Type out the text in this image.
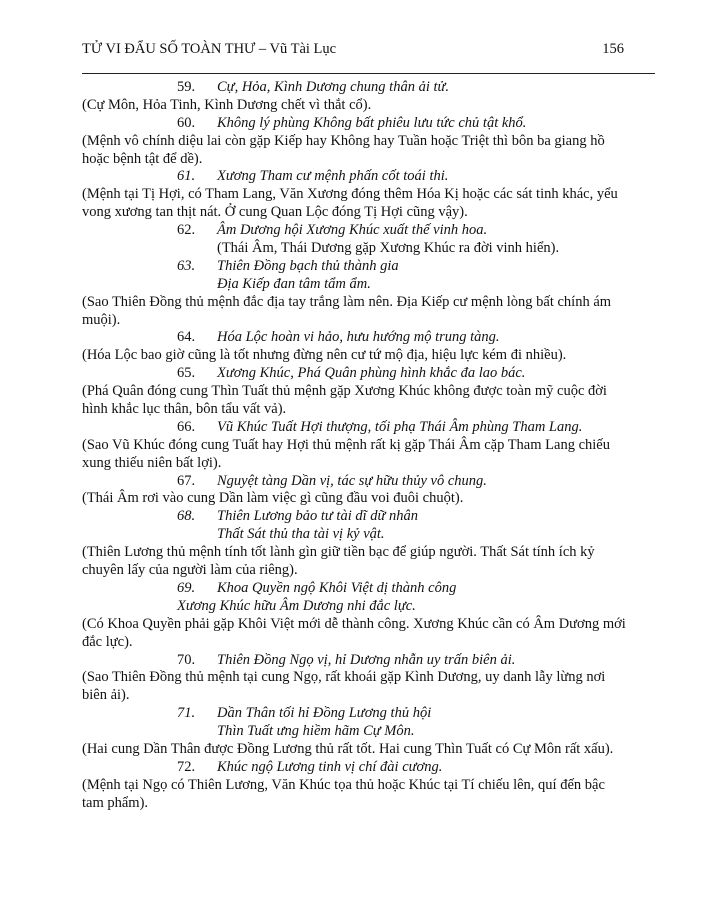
TỬ VI ĐẨU SỐ TOÀN THƯ – Vũ Tài Lục	156
59. Cự, Hỏa, Kình Dương chung thân ải tử.
(Cự Môn, Hỏa Tinh, Kình Dương chết vì thắt cổ).
60. Không lý phùng Không bất phiêu lưu tức chủ tật khổ.
(Mệnh vô chính diệu lai còn gặp Kiếp hay Không hay Tuần hoặc Triệt thì bôn ba giang hồ
hoặc bệnh tật để dề).
61. Xương Tham cư mệnh phấn cốt toái thi.
(Mệnh tại Tị Hợi, có Tham Lang, Văn Xương đóng thêm Hóa Kị hoặc các sát tinh khác, yểu
vong xương tan thịt nát. Ở cung Quan Lộc đóng Tị Hợi cũng vậy).
62. Âm Dương hội Xương Khúc xuất thế vinh hoa.
(Thái Âm, Thái Dương gặp Xương Khúc ra đời vinh hiển).
63. Thiên Đồng bạch thủ thành gia
Địa Kiếp đan tâm tẩm ẩm.
(Sao Thiên Đồng thủ mệnh đắc địa tay trắng làm nên. Địa Kiếp cư mệnh lòng bất chính ám
muội).
64. Hóa Lộc hoàn vi hảo, hưu hướng mộ trung tàng.
(Hóa Lộc bao giờ cũng là tốt nhưng đừng nên cư tứ mộ địa, hiệu lực kém đi nhiều).
65. Xương Khúc, Phá Quân phùng hình khắc đa lao bác.
(Phá Quân đóng cung Thìn Tuất thủ mệnh gặp Xương Khúc không được toàn mỹ cuộc đời
hình khắc lục thân, bôn tẩu vất vả).
66. Vũ Khúc Tuất Hợi thượng, tối phạ Thái Âm phùng Tham Lang.
(Sao Vũ Khúc đóng cung Tuất hay Hợi thủ mệnh rất kị gặp Thái Âm cặp Tham Lang chiếu
xung thiếu niên bất lợi).
67. Nguyệt tàng Dần vị, tác sự hữu thủy vô chung.
(Thái Âm rơi vào cung Dần làm việc gì cũng đầu voi đuôi chuột).
68. Thiên Lương bảo tư tài dĩ dữ nhân
Thất Sát thủ tha tài vị kỷ vật.
(Thiên Lương thủ mệnh tính tốt lành gìn giữ tiền bạc để giúp người. Thất Sát tính ích kỷ
chuyên lấy của người làm của riêng).
69. Khoa Quyền ngộ Khôi Việt dị thành công
Xương Khúc hữu Âm Dương nhi đắc lực.
(Có Khoa Quyền phải gặp Khôi Việt mới dễ thành công. Xương Khúc cần có Âm Dương mới
đắc lực).
70. Thiên Đồng Ngọ vị, hỉ Dương nhẫn uy trấn biên ải.
(Sao Thiên Đồng thủ mệnh tại cung Ngọ, rất khoái gặp Kình Dương, uy danh lẫy lừng nơi
biên ải).
71. Dần Thân tối hỉ Đồng Lương thủ hội
Thìn Tuất ưng hiềm hãm Cự Môn.
(Hai cung Dần Thân được Đồng Lương thủ rất tốt. Hai cung Thìn Tuất có Cự Môn rất xấu).
72. Khúc ngộ Lương tinh vị chí đài cương.
(Mệnh tại Ngọ có Thiên Lương, Văn Khúc tọa thủ hoặc Khúc tại Tí chiếu lên, quí đến bậc
tam phẩm).
